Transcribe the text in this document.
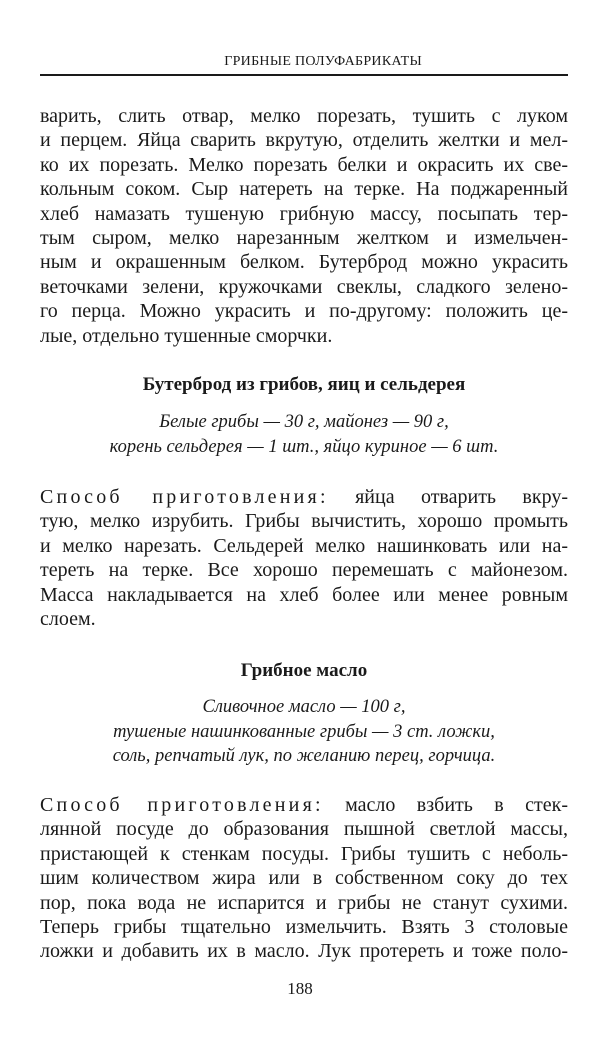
ГРИБНЫЕ ПОЛУФАБРИКАТЫ
варить, слить отвар, мелко порезать, тушить с луком
и перцем. Яйца сварить вкрутую, отделить желтки и мел-
ко их порезать. Мелко порезать белки и окрасить их све-
кольным соком. Сыр натереть на терке. На поджаренный
хлеб намазать тушеную грибную массу, посыпать тер-
тым сыром, мелко нарезанным желтком и измельчен-
ным и окрашенным белком. Бутерброд можно украсить
веточками зелени, кружочками свеклы, сладкого зелено-
го перца. Можно украсить и по-другому: положить це-
лые, отдельно тушенные сморчки.
Бутерброд из грибов, яиц и сельдерея
Белые грибы — 30 г, майонез — 90 г,
корень сельдерея — 1 шт., яйцо куриное — 6 шт.
Способ приготовления: яйца отварить вкру-
тую, мелко изрубить. Грибы вычистить, хорошо промыть
и мелко нарезать. Сельдерей мелко нашинковать или на-
тереть на терке. Все хорошо перемешать с майонезом.
Масса накладывается на хлеб более или менее ровным
слоем.
Грибное масло
Сливочное масло — 100 г,
тушеные нашинкованные грибы — 3 ст. ложки,
соль, репчатый лук, по желанию перец, горчица.
Способ приготовления: масло взбить в стек-
лянной посуде до образования пышной светлой массы,
пристающей к стенкам посуды. Грибы тушить с неболь-
шим количеством жира или в собственном соку до тех
пор, пока вода не испарится и грибы не станут сухими.
Теперь грибы тщательно измельчить. Взять 3 столовые
ложки и добавить их в масло. Лук протереть и тоже поло-
188
